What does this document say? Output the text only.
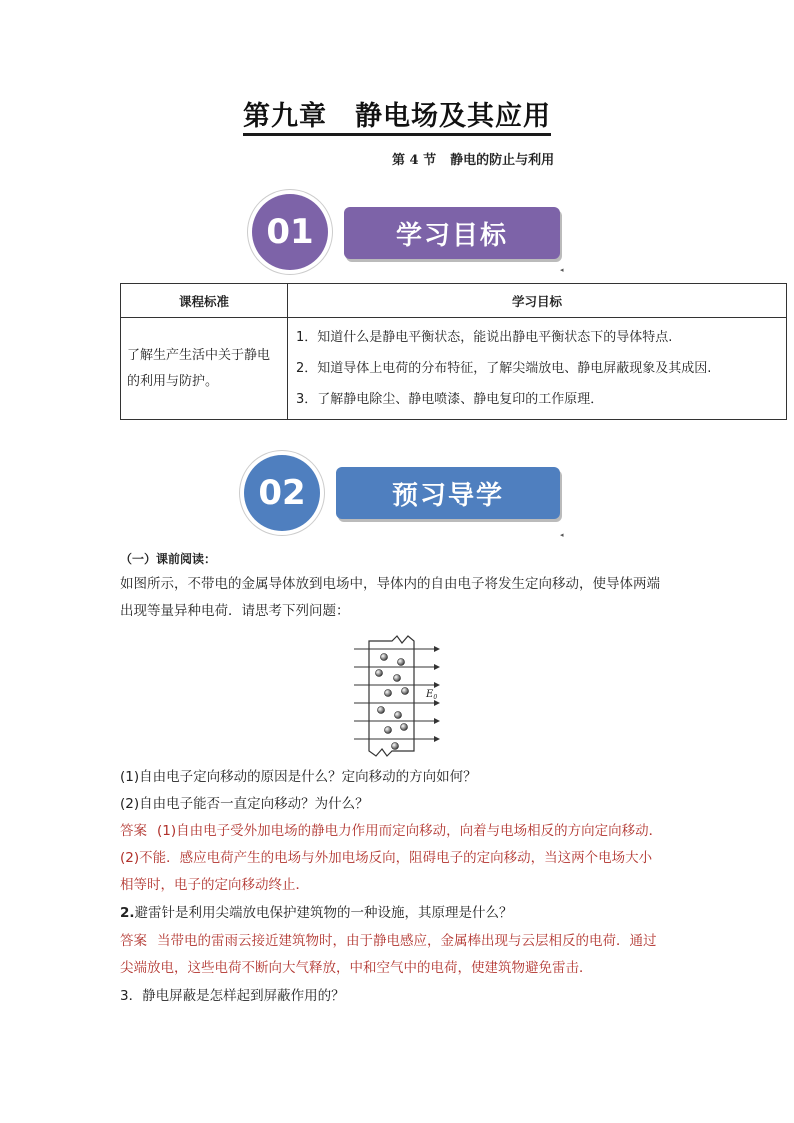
第九章 静电场及其应用
第 4 节 静电的防止与利用
学习目标
01
◂
课程标准	学习目标
了解生产生活中关于静电的利用与防护。	1．知道什么是静电平衡状态，能说出静电平衡状态下的导体特点.
2．知道导体上电荷的分布特征，了解尖端放电、静电屏蔽现象及其成因.
3．了解静电除尘、静电喷漆、静电复印的工作原理．
预习导学
02
◂
（一）课前阅读：
如图所示，不带电的金属导体放到电场中，导体内的自由电子将发生定向移动，使导体两端
出现等量异种电荷．请思考下列问题：
$E_0$
(1)自由电子定向移动的原因是什么？定向移动的方向如何？
(2)自由电子能否一直定向移动？为什么？
答案 (1)自由电子受外加电场的静电力作用而定向移动，向着与电场相反的方向定向移动．
(2)不能．感应电荷产生的电场与外加电场反向，阻碍电子的定向移动，当这两个电场大小
相等时，电子的定向移动终止．
2.避雷针是利用尖端放电保护建筑物的一种设施，其原理是什么？
答案 当带电的雷雨云接近建筑物时，由于静电感应，金属棒出现与云层相反的电荷．通过
尖端放电，这些电荷不断向大气释放，中和空气中的电荷，使建筑物避免雷击．
3．静电屏蔽是怎样起到屏蔽作用的？
